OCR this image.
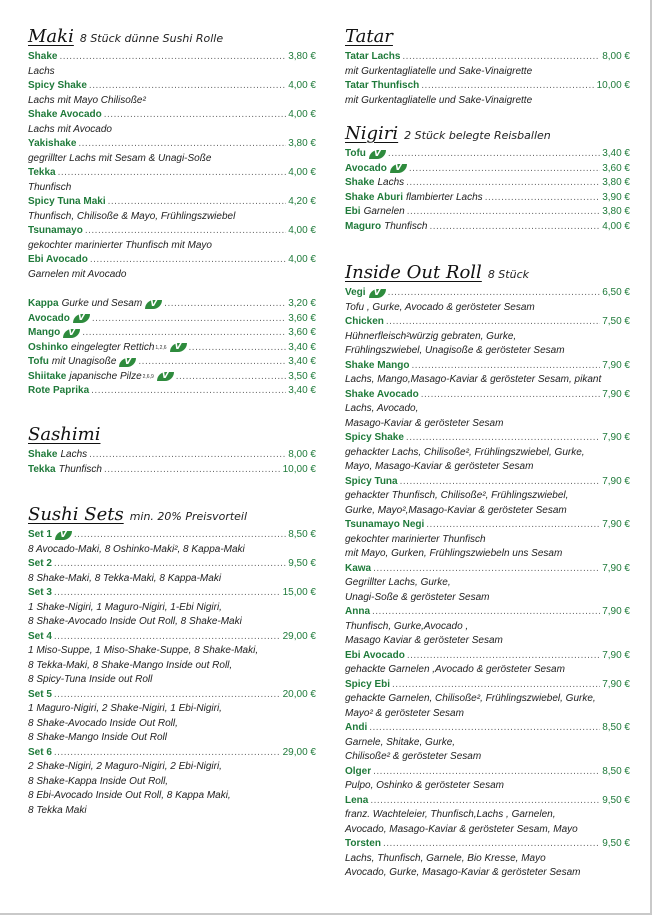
Maki 8 Stück dünne Sushi Rolle
Shake .....	3,80 €
Lachs
Spicy Shake .....	4,00 €
Lachs mit Mayo Chilisoße²
Shake Avocado .....	4,00 €
Lachs mit Avocado
Yakishake .....	3,80 €
gegrillter Lachs mit Sesam & Unagi-Soße
Tekka .....	4,00 €
Thunfisch
Spicy Tuna Maki .....	4,20 €
Thunfisch, Chilisoße & Mayo, Frühlingszwiebel
Tsunamayo .....	4,00 €
gekochter marinierter Thunfisch mit Mayo
Ebi Avocado .....	4,00 €
Garnelen mit Avocado
Kappa Gurke und Sesam V .....	3,20 €
Avocado V .....	3,60 €
Mango V .....	3,60 €
Oshinko eingelegter Rettich 1,2,6 V .....	3,40 €
Tofu mit Unagisoße V .....	3,40 €
Shiitake japanische Pilze 2,6,9 V .....	3,50 €
Rote Paprika .....	3,40 €
Sashimi
Shake Lachs .....	8,00 €
Tekka Thunfisch .....	10,00 €
Sushi Sets min. 20% Preisvorteil
Set 1 V .....	8,50 €
8 Avocado-Maki, 8 Oshinko-Maki², 8 Kappa-Maki
Set 2 .....	9,50 €
8 Shake-Maki, 8 Tekka-Maki, 8 Kappa-Maki
Set 3 .....	15,00 €
1 Shake-Nigiri, 1 Maguro-Nigiri, 1-Ebi Nigiri,
8 Shake-Avocado Inside Out Roll, 8 Shake-Maki
Set 4 .....	29,00 €
1 Miso-Suppe, 1 Miso-Shake-Suppe, 8 Shake-Maki,
8 Tekka-Maki, 8 Shake-Mango Inside out Roll,
8 Spicy-Tuna Inside out Roll
Set 5 .....	20,00 €
1 Maguro-Nigiri, 2 Shake-Nigiri, 1 Ebi-Nigiri,
8 Shake-Avocado Inside Out Roll,
8 Shake-Mango Inside Out Roll
Set 6 .....	29,00 €
2 Shake-Nigiri, 2 Maguro-Nigiri, 2 Ebi-Nigiri,
8 Shake-Kappa Inside Out Roll,
8 Ebi-Avocado Inside Out Roll, 8 Kappa Maki,
8 Tekka Maki
Tatar
Tatar Lachs .....	8,00 €
mit Gurkentagliatelle und Sake-Vinaigrette
Tatar Thunfisch .....	10,00 €
mit Gurkentagliatelle und Sake-Vinaigrette
Nigiri 2 Stück belegte Reisballen
Tofu V .....	3,40 €
Avocado V .....	3,60 €
Shake Lachs .....	3,80 €
Shake Aburi flambierter Lachs .....	3,90 €
Ebi Garnelen .....	3,80 €
Maguro Thunfisch .....	4,00 €
Inside Out Roll 8 Stück
Vegi V .....	6,50 €
Tofu , Gurke, Avocado & gerösteter Sesam
Chicken .....	7,50 €
Hühnerfleisch²würzig gebraten, Gurke,
Frühlingszwiebel, Unagisoße & gerösteter Sesam
Shake Mango .....	7,90 €
Lachs, Mango,Masago-Kaviar & gerösteter Sesam, pikant
Shake Avocado .....	7,90 €
Lachs, Avocado,
Masago-Kaviar & gerösteter Sesam
Spicy Shake .....	7,90 €
gehackter Lachs, Chilisoße², Frühlingszwiebel, Gurke,
Mayo, Masago-Kaviar & gerösteter Sesam
Spicy Tuna .....	7,90 €
gehackter Thunfisch, Chilisoße², Frühlingszwiebel,
Gurke, Mayo²,Masago-Kaviar & gerösteter Sesam
Tsunamayo Negi .....	7,90 €
gekochter marinierter Thunfisch
mit Mayo, Gurken, Frühlingszwiebeln uns Sesam
Kawa .....	7,90 €
Gegrillter Lachs, Gurke,
Unagi-Soße & gerösteter Sesam
Anna .....	7,90 €
Thunfisch, Gurke,Avocado ,
Masago Kaviar & gerösteter Sesam
Ebi Avocado .....	7,90 €
gehackte Garnelen ,Avocado & gerösteter Sesam
Spicy Ebi .....	7,90 €
gehackte Garnelen, Chilisoße², Frühlingszwiebel, Gurke,
Mayo² & gerösteter Sesam
Andi .....	8,50 €
Garnele, Shitake, Gurke,
Chilisoße² & gerösteter Sesam
Olger .....	8,50 €
Pulpo, Oshinko & gerösteter Sesam
Lena .....	9,50 €
franz. Wachteleier, Thunfisch,Lachs , Garnelen,
Avocado, Masago-Kaviar & gerösteter Sesam, Mayo
Torsten .....	9,50 €
Lachs, Thunfisch, Garnele, Bio Kresse, Mayo
Avocado, Gurke, Masago-Kaviar & gerösteter Sesam
